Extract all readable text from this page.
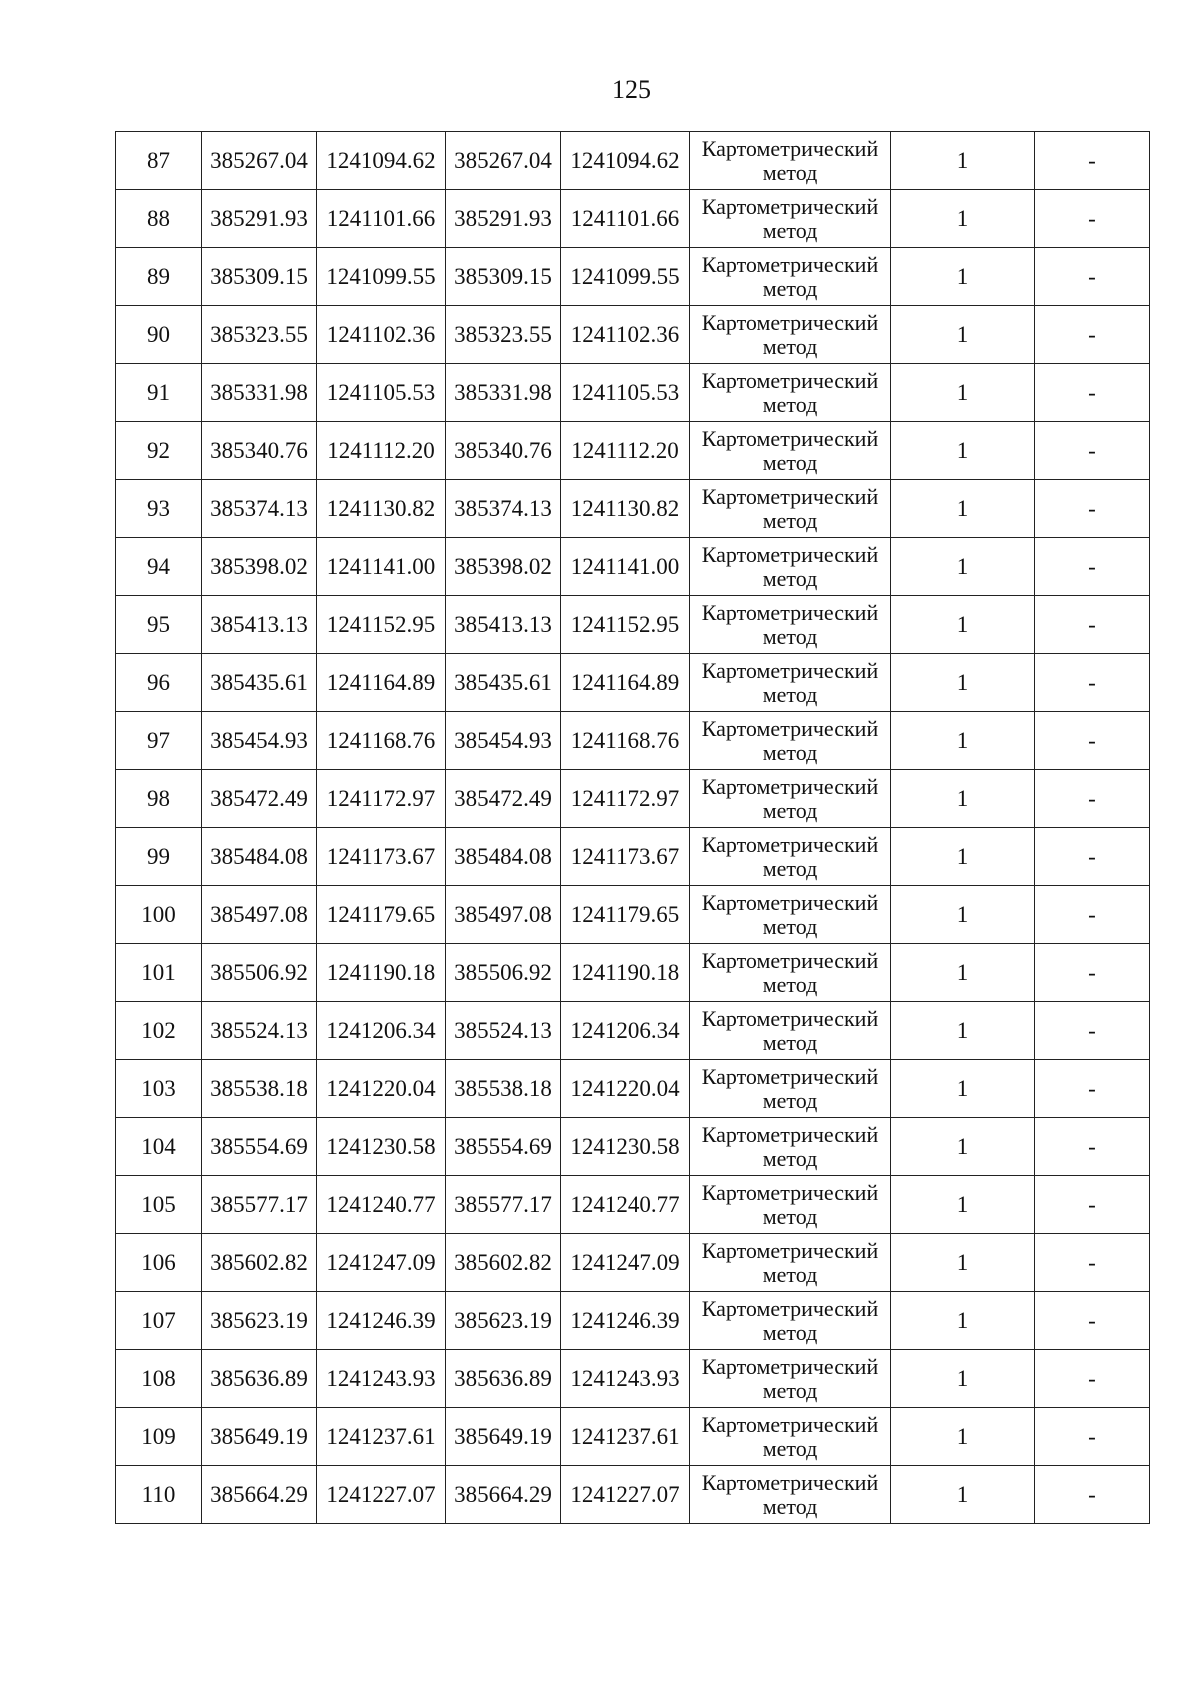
125
87	385267.04	1241094.62	385267.04	1241094.62	Картометрический
метод	1	-
88	385291.93	1241101.66	385291.93	1241101.66	Картометрический
метод	1	-
89	385309.15	1241099.55	385309.15	1241099.55	Картометрический
метод	1	-
90	385323.55	1241102.36	385323.55	1241102.36	Картометрический
метод	1	-
91	385331.98	1241105.53	385331.98	1241105.53	Картометрический
метод	1	-
92	385340.76	1241112.20	385340.76	1241112.20	Картометрический
метод	1	-
93	385374.13	1241130.82	385374.13	1241130.82	Картометрический
метод	1	-
94	385398.02	1241141.00	385398.02	1241141.00	Картометрический
метод	1	-
95	385413.13	1241152.95	385413.13	1241152.95	Картометрический
метод	1	-
96	385435.61	1241164.89	385435.61	1241164.89	Картометрический
метод	1	-
97	385454.93	1241168.76	385454.93	1241168.76	Картометрический
метод	1	-
98	385472.49	1241172.97	385472.49	1241172.97	Картометрический
метод	1	-
99	385484.08	1241173.67	385484.08	1241173.67	Картометрический
метод	1	-
100	385497.08	1241179.65	385497.08	1241179.65	Картометрический
метод	1	-
101	385506.92	1241190.18	385506.92	1241190.18	Картометрический
метод	1	-
102	385524.13	1241206.34	385524.13	1241206.34	Картометрический
метод	1	-
103	385538.18	1241220.04	385538.18	1241220.04	Картометрический
метод	1	-
104	385554.69	1241230.58	385554.69	1241230.58	Картометрический
метод	1	-
105	385577.17	1241240.77	385577.17	1241240.77	Картометрический
метод	1	-
106	385602.82	1241247.09	385602.82	1241247.09	Картометрический
метод	1	-
107	385623.19	1241246.39	385623.19	1241246.39	Картометрический
метод	1	-
108	385636.89	1241243.93	385636.89	1241243.93	Картометрический
метод	1	-
109	385649.19	1241237.61	385649.19	1241237.61	Картометрический
метод	1	-
110	385664.29	1241227.07	385664.29	1241227.07	Картометрический
метод	1	-
